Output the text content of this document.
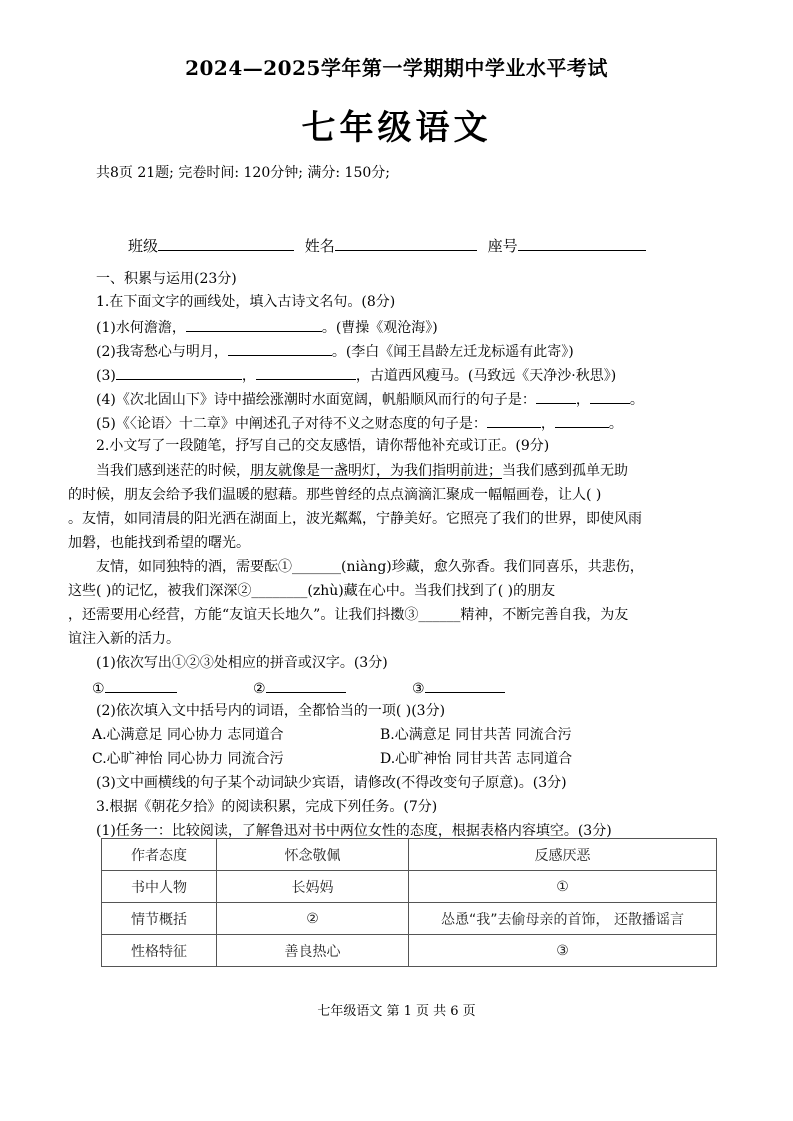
2024—2025学年第一学期期中学业水平考试
七年级语文
共8页 21题; 完卷时间: 120分钟; 满分: 150分;
班级	姓名	座号
一、积累与运用(23分)
1.在下面文字的画线处，填入古诗文名句。(8分)
(1)水何澹澹，	。(曹操《观沧海》)
(2)我寄愁心与明月，	。(李白《闻王昌龄左迁龙标遥有此寄》)
(3)	，	，古道西风瘦马。(马致远《天净沙·秋思》)
(4)《次北固山下》诗中描绘涨潮时水面宽阔，帆船顺风而行的句子是：	，	。
(5)《〈论语〉十二章》中阐述孔子对待不义之财态度的句子是：	，	。
2.小文写了一段随笔，抒写自己的交友感悟，请你帮他补充或订正。(9分)
当我们感到迷茫的时候，朋友就像是一盏明灯，为我们指明前进；当我们感到孤单无助
的时候，朋友会给予我们温暖的慰藉。那些曾经的点点滴滴汇聚成一幅幅画卷，让人( )
。友情，如同清晨的阳光洒在湖面上，波光粼粼，宁静美好。它照亮了我们的世界，即使风雨
加磐，也能找到希望的曙光。
友情，如同独特的酒，需要酝①_______(niàng)珍藏，愈久弥香。我们同喜乐，共悲伤，
这些( )的记忆，被我们深深②________(zhù)藏在心中。当我们找到了( )的朋友
，还需要用心经营，方能“友谊天长地久”。让我们抖擞③______精神，不断完善自我，为友
谊注入新的活力。
(1)依次写出①②③处相应的拼音或汉字。(3分)
①	②	③
(2)依次填入文中括号内的词语，全都恰当的一项( )(3分)
A.心满意足 同心协力 志同道合	B.心满意足 同甘共苦 同流合污
C.心旷神怡 同心协力 同流合污	D.心旷神怡 同甘共苦 志同道合
(3)文中画横线的句子某个动词缺少宾语，请修改(不得改变句子原意)。(3分)
3.根据《朝花夕拾》的阅读积累，完成下列任务。(7分)
(1)任务一：比较阅读，了解鲁迅对书中两位女性的态度，根据表格内容填空。(3分)
作者态度	怀念敬佩	反感厌恶
书中人物	长妈妈	①
情节概括	②	怂恿“我”去偷母亲的首饰， 还散播谣言
性格特征	善良热心	③
七年级语文 第 1 页 共 6 页
